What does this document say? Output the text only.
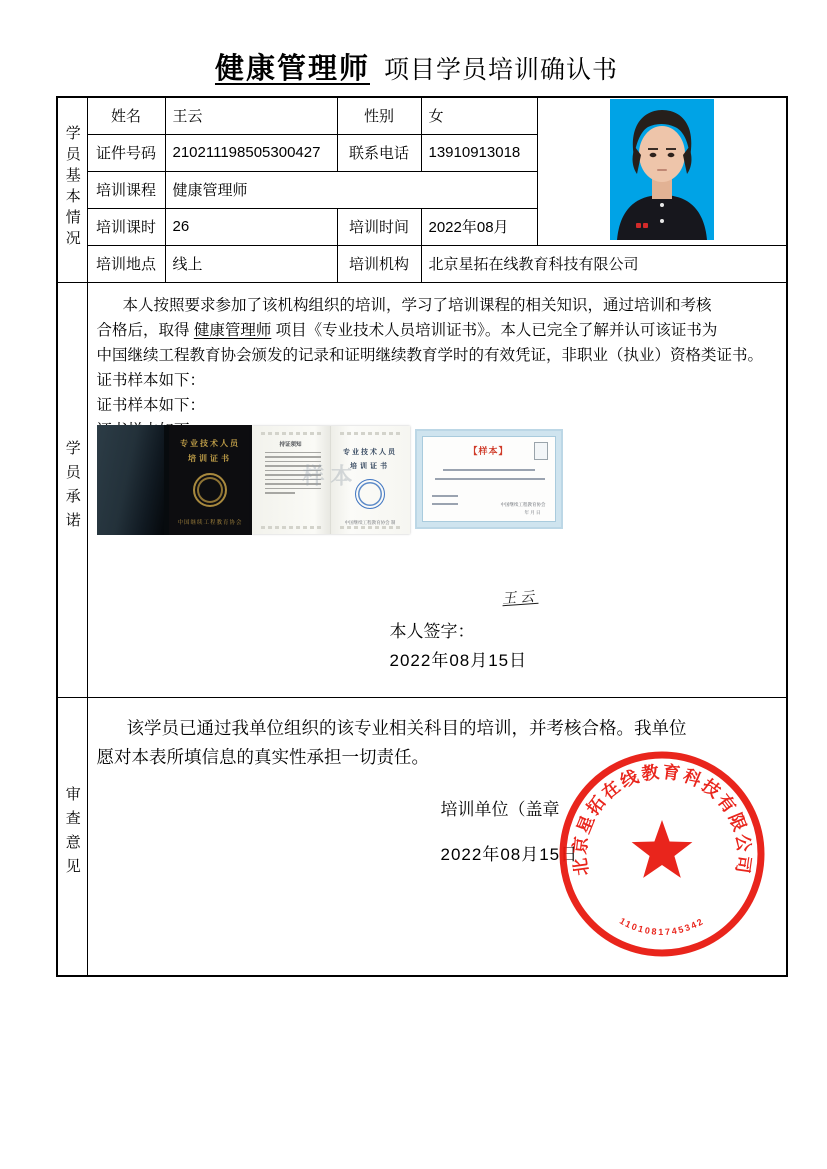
健康管理师 项目学员培训确认书
学员基本情况	姓名	王云	性别	女	
	证件号码	210211198505300427	联系电话	13910913018	
	培训课程	健康管理师			
	培训课时	26	培训时间	2022年08月	
	培训地点	线上	培训机构	北京星拓在线教育科技有限公司	
学员承诺	
本人按照要求参加了该机构组织的培训，学习了培训课程的相关知识，通过培训和考核
合格后，取得 健康管理师 项目《专业技术人员培训证书》。本人已完全了解并认可该证书为
中国继续工程教育协会颁发的记录和证明继续教育学时的有效凭证，非职业（执业）资格类证书。
证书样本如下：
证书样本如下：
专业技术人员
培训证书
中国继续工程教育协会
持证须知
专业技术人员
培训证书
中国继续工程教育协会 制
样本
【样本】
中国继续工程教育协会
年 月 日
王云
本人签字：
2022年08月15日

审查意见	
该学员已通过我单位组织的该专业相关科目的培训，并考核合格。我单位
愿对本表所填信息的真实性承担一切责任。
培训单位（盖章
2022年08月15日
北京星拓在线教育科技有限公司
1101081745342
